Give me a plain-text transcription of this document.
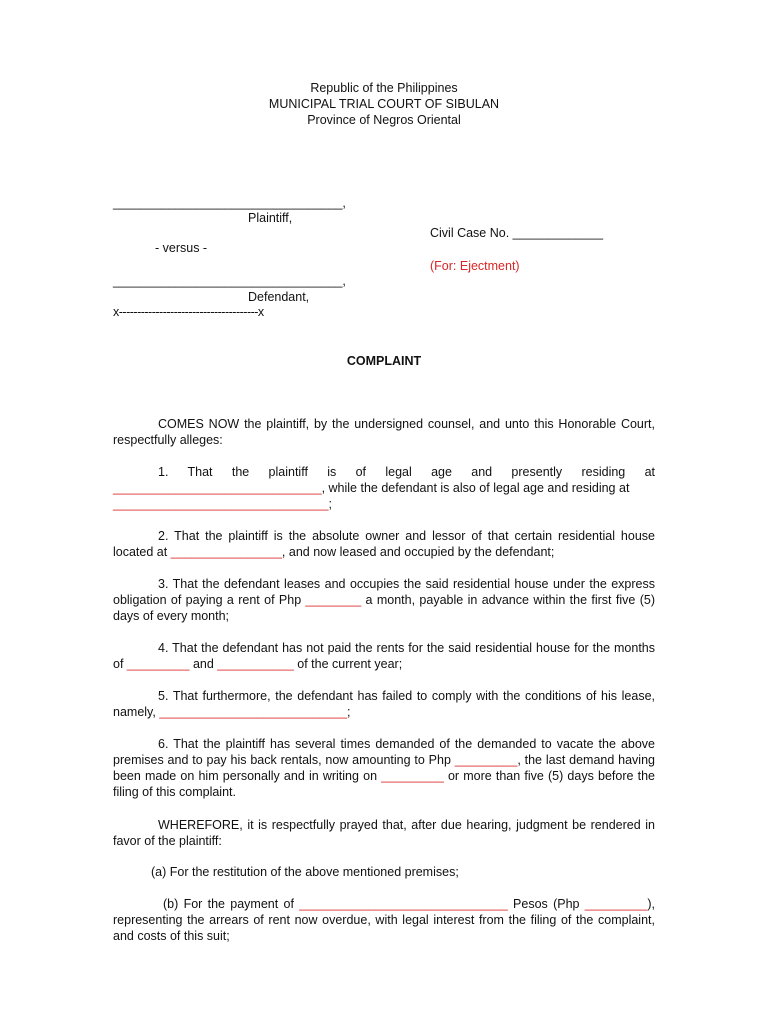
Republic of the Philippines
MUNICIPAL TRIAL COURT OF SIBULAN
Province of Negros Oriental
_________________________________,
Plaintiff,
Civil Case No. _____________
- versus -
(For: Ejectment)
_________________________________,
Defendant,
x--------------------------------------x
COMPLAINT
COMES NOW the plaintiff, by the undersigned counsel, and unto this Honorable Court, respectfully alleges:
1. That the plaintiff is of legal age and presently residing at
______________________________, while the defendant is also of legal age and residing at
_______________________________;
2. That the plaintiff is the absolute owner and lessor of that certain residential house located at ________________, and now leased and occupied by the defendant;
3. That the defendant leases and occupies the said residential house under the express obligation of paying a rent of Php ________ a month, payable in advance within the first five (5) days of every month;
4. That the defendant has not paid the rents for the said residential house for the months of _________ and ___________ of the current year;
5. That furthermore, the defendant has failed to comply with the conditions of his lease, namely, ___________________________;
6. That the plaintiff has several times demanded of the demanded to vacate the above premises and to pay his back rentals, now amounting to Php _________, the last demand having been made on him personally and in writing on _________ or more than five (5) days before the filing of this complaint.
WHEREFORE, it is respectfully prayed that, after due hearing, judgment be rendered in favor of the plaintiff:
(a) For the restitution of the above mentioned premises;
(b) For the payment of ______________________________ Pesos (Php _________), representing the arrears of rent now overdue, with legal interest from the filing of the complaint, and costs of this suit;
